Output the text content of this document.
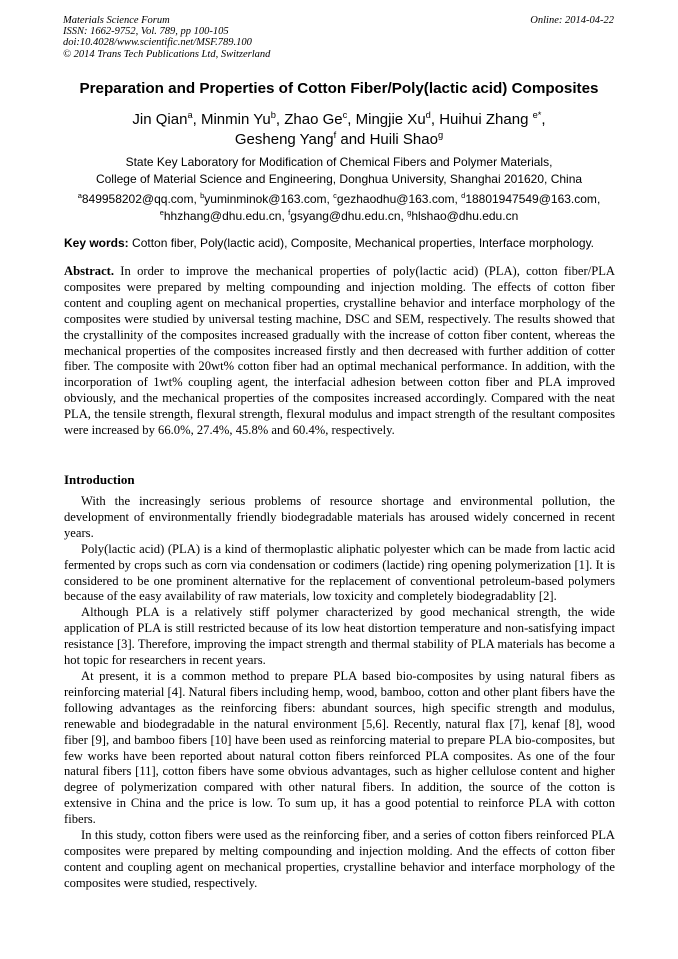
Materials Science Forum
ISSN: 1662-9752, Vol. 789, pp 100-105
doi:10.4028/www.scientific.net/MSF.789.100
© 2014 Trans Tech Publications Ltd, Switzerland
Online: 2014-04-22
Preparation and Properties of Cotton Fiber/Poly(lactic acid) Composites
Jin Qian$^a$, Minmin Yu$^b$, Zhao Ge$^c$, Mingjie Xu$^d$, Huihui Zhang $^{e*}$,
Gesheng Yang$^f$ and Huili Shao$^g$
State Key Laboratory for Modification of Chemical Fibers and Polymer Materials,
College of Material Science and Engineering, Donghua University, Shanghai 201620, China
$^a$849958202@qq.com, $^b$yuminminok@163.com, $^c$gezhaodhu@163.com, $^d$18801947549@163.com,
$^e$hhzhang@dhu.edu.cn, $^f$gsyang@dhu.edu.cn, $^g$hlshao@dhu.edu.cn
Key words: Cotton fiber, Poly(lactic acid), Composite, Mechanical properties, Interface morphology.
Abstract. In order to improve the mechanical properties of poly(lactic acid) (PLA), cotton fiber/PLA composites were prepared by melting compounding and injection molding. The effects of cotton fiber content and coupling agent on mechanical properties, crystalline behavior and interface morphology of the composites were studied by universal testing machine, DSC and SEM, respectively. The results showed that the crystallinity of the composites increased gradually with the increase of cotton fiber content, whereas the mechanical properties of the composites increased firstly and then decreased with further addition of cotter fiber. The composite with 20wt% cotton fiber had an optimal mechanical performance. In addition, with the incorporation of 1wt% coupling agent, the interfacial adhesion between cotton fiber and PLA improved obviously, and the mechanical properties of the composites increased accordingly. Compared with the neat PLA, the tensile strength, flexural strength, flexural modulus and impact strength of the resultant composites were increased by 66.0%, 27.4%, 45.8% and 60.4%, respectively.
Introduction

With the increasingly serious problems of resource shortage and environmental pollution, the development of environmentally friendly biodegradable materials has aroused widely concerned in recent years.

Poly(lactic acid) (PLA) is a kind of thermoplastic aliphatic polyester which can be made from lactic acid fermented by crops such as corn via condensation or codimers (lactide) ring opening polymerization [1]. It is considered to be one prominent alternative for the replacement of conventional petroleum-based polymers because of the easy availability of raw materials, low toxicity and completely biodegradablity [2].

Although PLA is a relatively stiff polymer characterized by good mechanical strength, the wide application of PLA is still restricted because of its low heat distortion temperature and non-satisfying impact resistance [3]. Therefore, improving the impact strength and thermal stability of PLA materials has become a hot topic for researchers in recent years.

At present, it is a common method to prepare PLA based bio-composites by using natural fibers as reinforcing material [4]. Natural fibers including hemp, wood, bamboo, cotton and other plant fibers have the following advantages as the reinforcing fibers: abundant sources, high specific strength and modulus, renewable and biodegradable in the natural environment [5,6]. Recently, natural flax [7], kenaf [8], wood fiber [9], and bamboo fibers [10] have been used as reinforcing material to prepare PLA bio-composites, but few works have been reported about natural cotton fibers reinforced PLA composites. As one of the four natural fibers [11], cotton fibers have some obvious advantages, such as higher cellulose content and higher degree of polymerization compared with other natural fibers. In addition, the source of the cotton is extensive in China and the price is low. To sum up, it has a good potential to reinforce PLA with cotton fibers.

In this study, cotton fibers were used as the reinforcing fiber, and a series of cotton fibers reinforced PLA composites were prepared by melting compounding and injection molding. And the effects of cotton fiber content and coupling agent on mechanical properties, crystalline behavior and interface morphology of the composites were studied, respectively.
